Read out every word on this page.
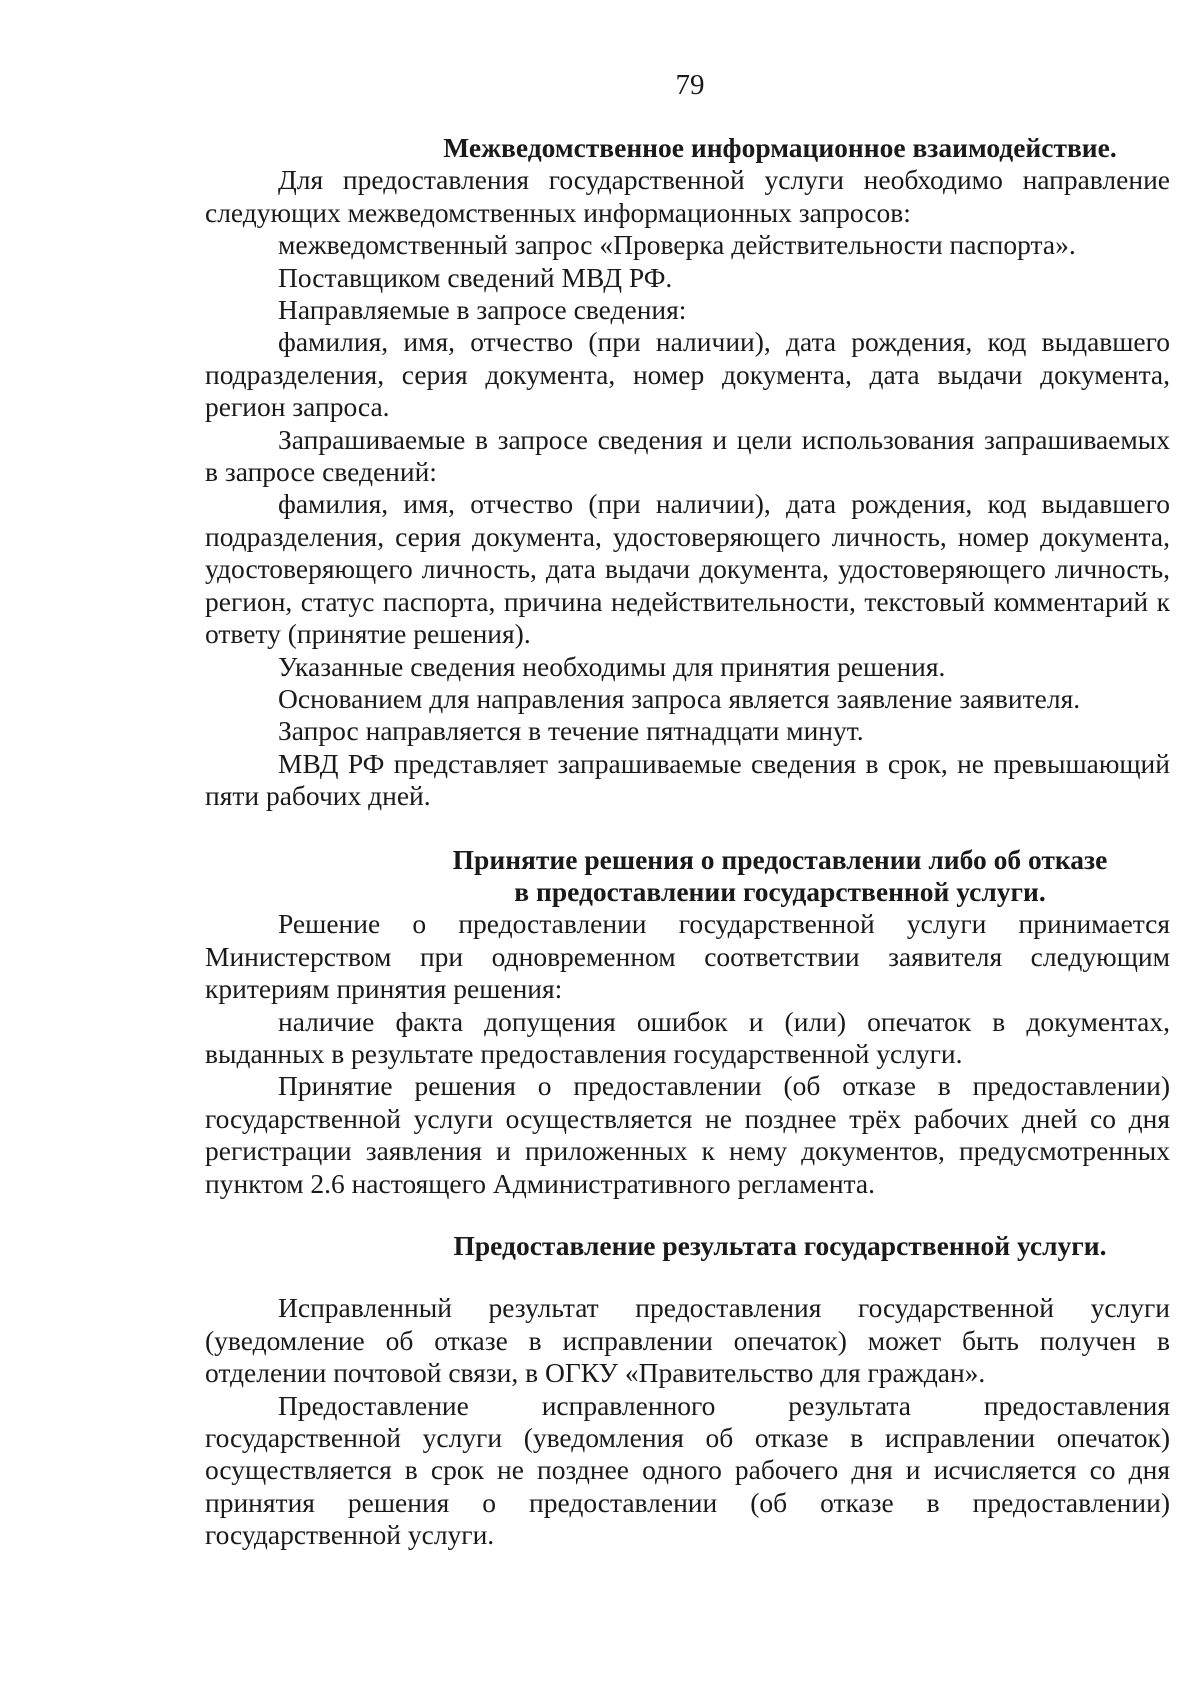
79

Межведомственное информационное взаимодействие.

Для предоставления государственной услуги необходимо направление следующих межведомственных информационных запросов:

межведомственный запрос «Проверка действительности паспорта».

Поставщиком сведений МВД РФ.

Направляемые в запросе сведения:

фамилия, имя, отчество (при наличии), дата рождения, код выдавшего подразделения, серия документа, номер документа, дата выдачи документа, регион запроса.

Запрашиваемые в запросе сведения и цели использования запрашиваемых в запросе сведений:

фамилия, имя, отчество (при наличии), дата рождения, код выдавшего подразделения, серия документа, удостоверяющего личность, номер документа, удостоверяющего личность, дата выдачи документа, удостоверяющего личность, регион, статус паспорта, причина недействительности, текстовый комментарий к ответу (принятие решения).

Указанные сведения необходимы для принятия решения.

Основанием для направления запроса является заявление заявителя.

Запрос направляется в течение пятнадцати минут.

МВД РФ представляет запрашиваемые сведения в срок, не превышающий пяти рабочих дней.

Принятие решения о предоставлении либо об отказе

в предоставлении государственной услуги.

Решение о предоставлении государственной услуги принимается Министерством при одновременном соответствии заявителя следующим критериям принятия решения:

наличие факта допущения ошибок и (или) опечаток в документах, выданных в результате предоставления государственной услуги.

Принятие решения о предоставлении (об отказе в предоставлении) государственной услуги осуществляется не позднее трёх рабочих дней со дня регистрации заявления и приложенных к нему документов, предусмотренных пунктом 2.6 настоящего Административного регламента.

Предоставление результата государственной услуги.

Исправленный результат предоставления государственной услуги (уведомление об отказе в исправлении опечаток) может быть получен в отделении почтовой связи, в ОГКУ «Правительство для граждан».

Предоставление исправленного результата предоставления государственной услуги (уведомления об отказе в исправлении опечаток) осуществляется в срок не позднее одного рабочего дня и исчисляется со дня принятия решения о предоставлении (об отказе в предоставлении) государственной услуги.
